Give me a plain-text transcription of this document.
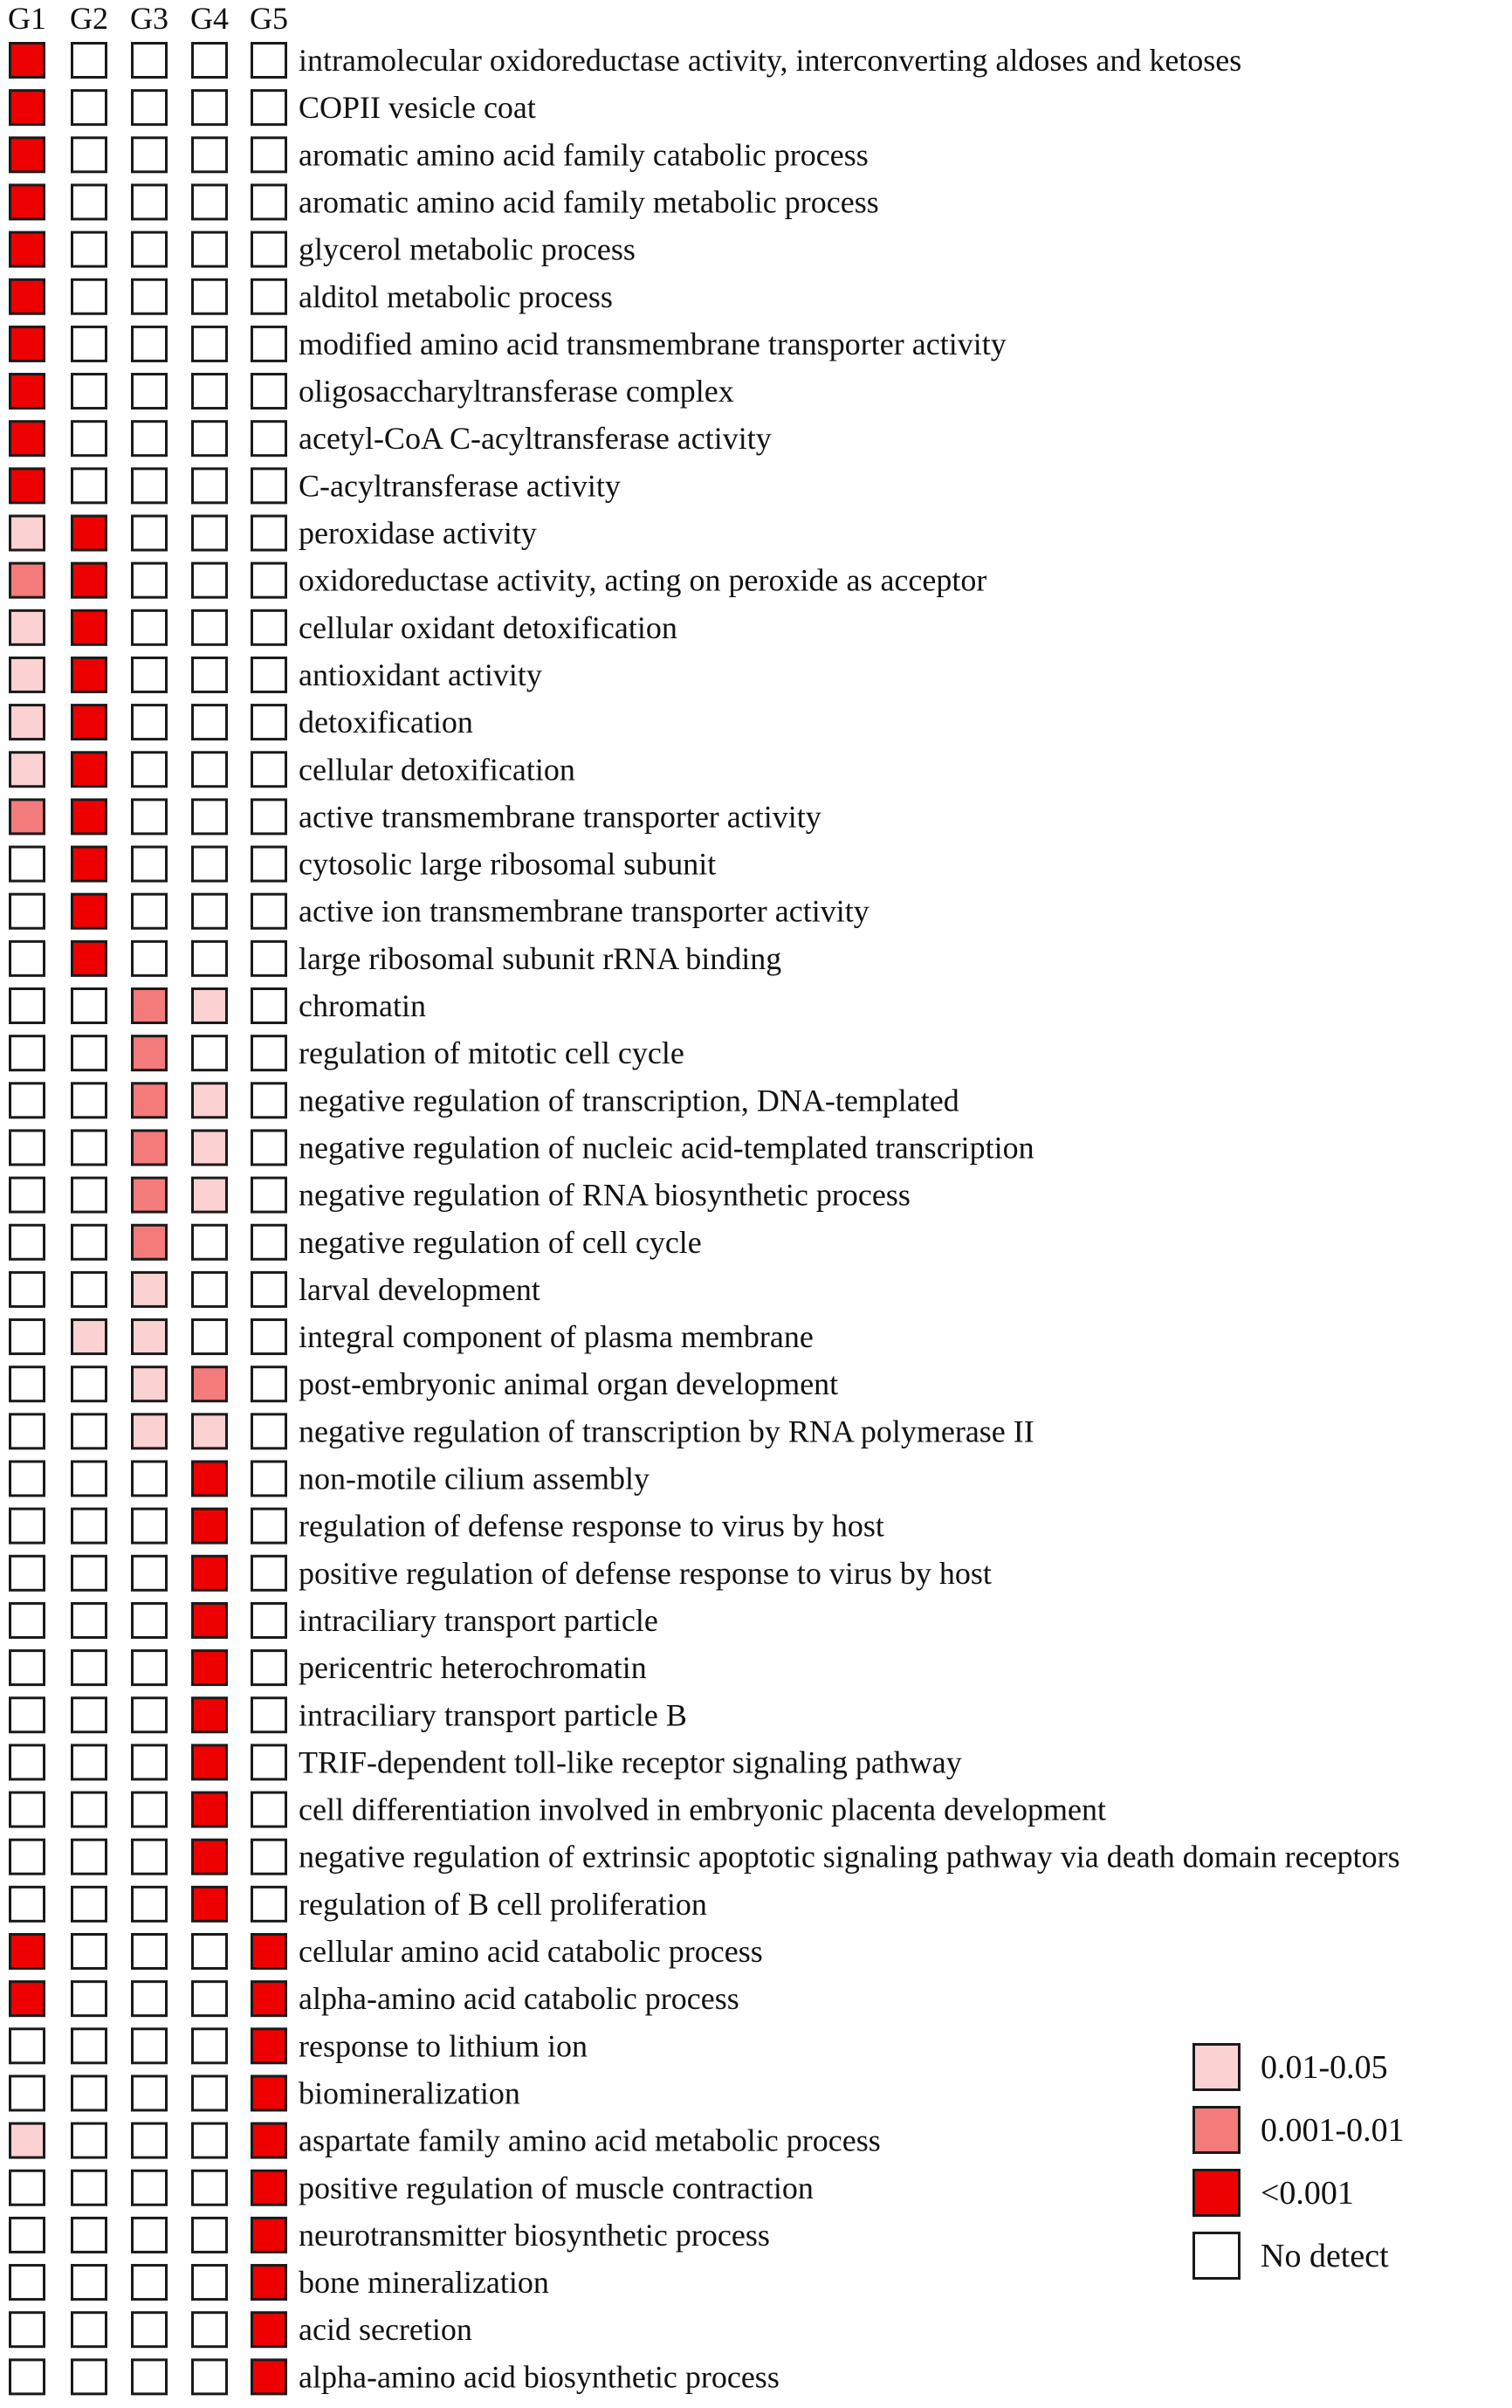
G1 G2 G3 G4 G5
intramolecular oxidoreductase activity, interconverting aldoses and ketoses
COPII vesicle coat
aromatic amino acid family catabolic process
aromatic amino acid family metabolic process
glycerol metabolic process
alditol metabolic process
modified amino acid transmembrane transporter activity
oligosaccharyltransferase complex
acetyl-CoA C-acyltransferase activity
C-acyltransferase activity
peroxidase activity
oxidoreductase activity, acting on peroxide as acceptor
cellular oxidant detoxification
antioxidant activity
detoxification
cellular detoxification
active transmembrane transporter activity
cytosolic large ribosomal subunit
active ion transmembrane transporter activity
large ribosomal subunit rRNA binding
chromatin
regulation of mitotic cell cycle
negative regulation of transcription, DNA-templated
negative regulation of nucleic acid-templated transcription
negative regulation of RNA biosynthetic process
negative regulation of cell cycle
larval development
integral component of plasma membrane
post-embryonic animal organ development
negative regulation of transcription by RNA polymerase II
non-motile cilium assembly
regulation of defense response to virus by host
positive regulation of defense response to virus by host
intraciliary transport particle
pericentric heterochromatin
intraciliary transport particle B
TRIF-dependent toll-like receptor signaling pathway
cell differentiation involved in embryonic placenta development
negative regulation of extrinsic apoptotic signaling pathway via death domain receptors
regulation of B cell proliferation
cellular amino acid catabolic process
alpha-amino acid catabolic process
response to lithium ion
biomineralization
aspartate family amino acid metabolic process
positive regulation of muscle contraction
neurotransmitter biosynthetic process
bone mineralization
acid secretion
alpha-amino acid biosynthetic process
0.01-0.05
0.001-0.01
<0.001
No detect
